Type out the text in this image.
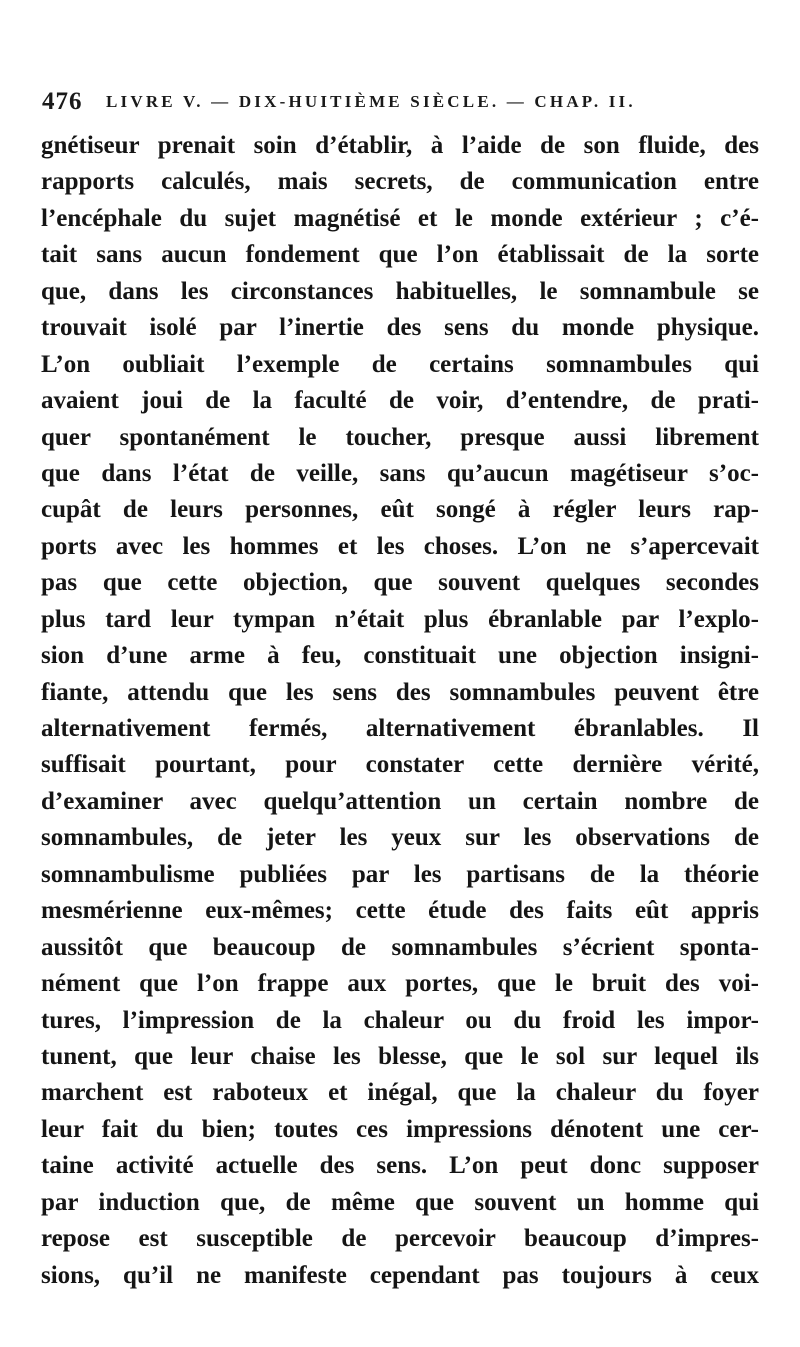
476 LIVRE V. — DIX-HUITIÈME SIÈCLE. — CHAP. II.
gnétiseur prenait soin d’établir, à l’aide de son fluide, des
rapports calculés, mais secrets, de communication entre
l’encéphale du sujet magnétisé et le monde extérieur ; c’é-
tait sans aucun fondement que l’on établissait de la sorte
que, dans les circonstances habituelles, le somnambule se
trouvait isolé par l’inertie des sens du monde physique.
L’on oubliait l’exemple de certains somnambules qui
avaient joui de la faculté de voir, d’entendre, de prati-
quer spontanément le toucher, presque aussi librement
que dans l’état de veille, sans qu’aucun magétiseur s’oc-
cupât de leurs personnes, eût songé à régler leurs rap-
ports avec les hommes et les choses. L’on ne s’apercevait
pas que cette objection, que souvent quelques secondes
plus tard leur tympan n’était plus ébranlable par l’explo-
sion d’une arme à feu, constituait une objection insigni-
fiante, attendu que les sens des somnambules peuvent être
alternativement fermés, alternativement ébranlables. Il
suffisait pourtant, pour constater cette dernière vérité,
d’examiner avec quelqu’attention un certain nombre de
somnambules, de jeter les yeux sur les observations de
somnambulisme publiées par les partisans de la théorie
mesmérienne eux-mêmes; cette étude des faits eût appris
aussitôt que beaucoup de somnambules s’écrient sponta-
nément que l’on frappe aux portes, que le bruit des voi-
tures, l’impression de la chaleur ou du froid les impor-
tunent, que leur chaise les blesse, que le sol sur lequel ils
marchent est raboteux et inégal, que la chaleur du foyer
leur fait du bien; toutes ces impressions dénotent une cer-
taine activité actuelle des sens. L’on peut donc supposer
par induction que, de même que souvent un homme qui
repose est susceptible de percevoir beaucoup d’impres-
sions, qu’il ne manifeste cependant pas toujours à ceux
